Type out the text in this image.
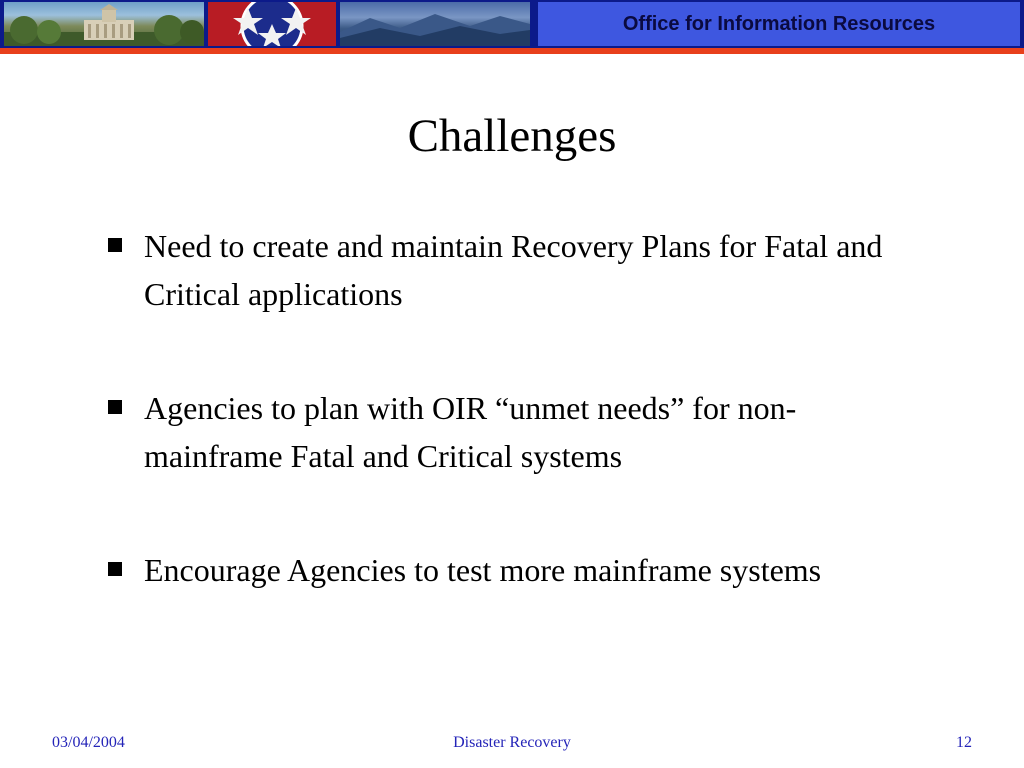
Office for Information Resources
Challenges
Need to create and maintain Recovery Plans for Fatal and Critical applications
Agencies to plan with OIR “unmet needs” for non-mainframe Fatal and Critical systems
Encourage Agencies to test more mainframe systems
03/04/2004	Disaster Recovery	12
